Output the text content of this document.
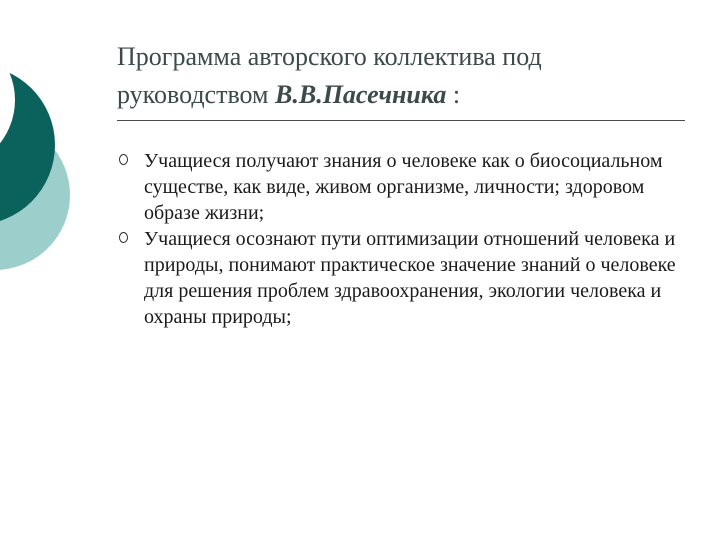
Программа авторского коллектива под
руководством В.В.Пасечника :
Учащиеся получают знания о человеке как о биосоциальном существе, как виде, живом организме, личности; здоровом образе жизни;
Учащиеся осознают пути оптимизации отношений человека и природы, понимают практическое значение знаний о человеке для решения проблем здравоохранения, экологии человека и охраны природы;
